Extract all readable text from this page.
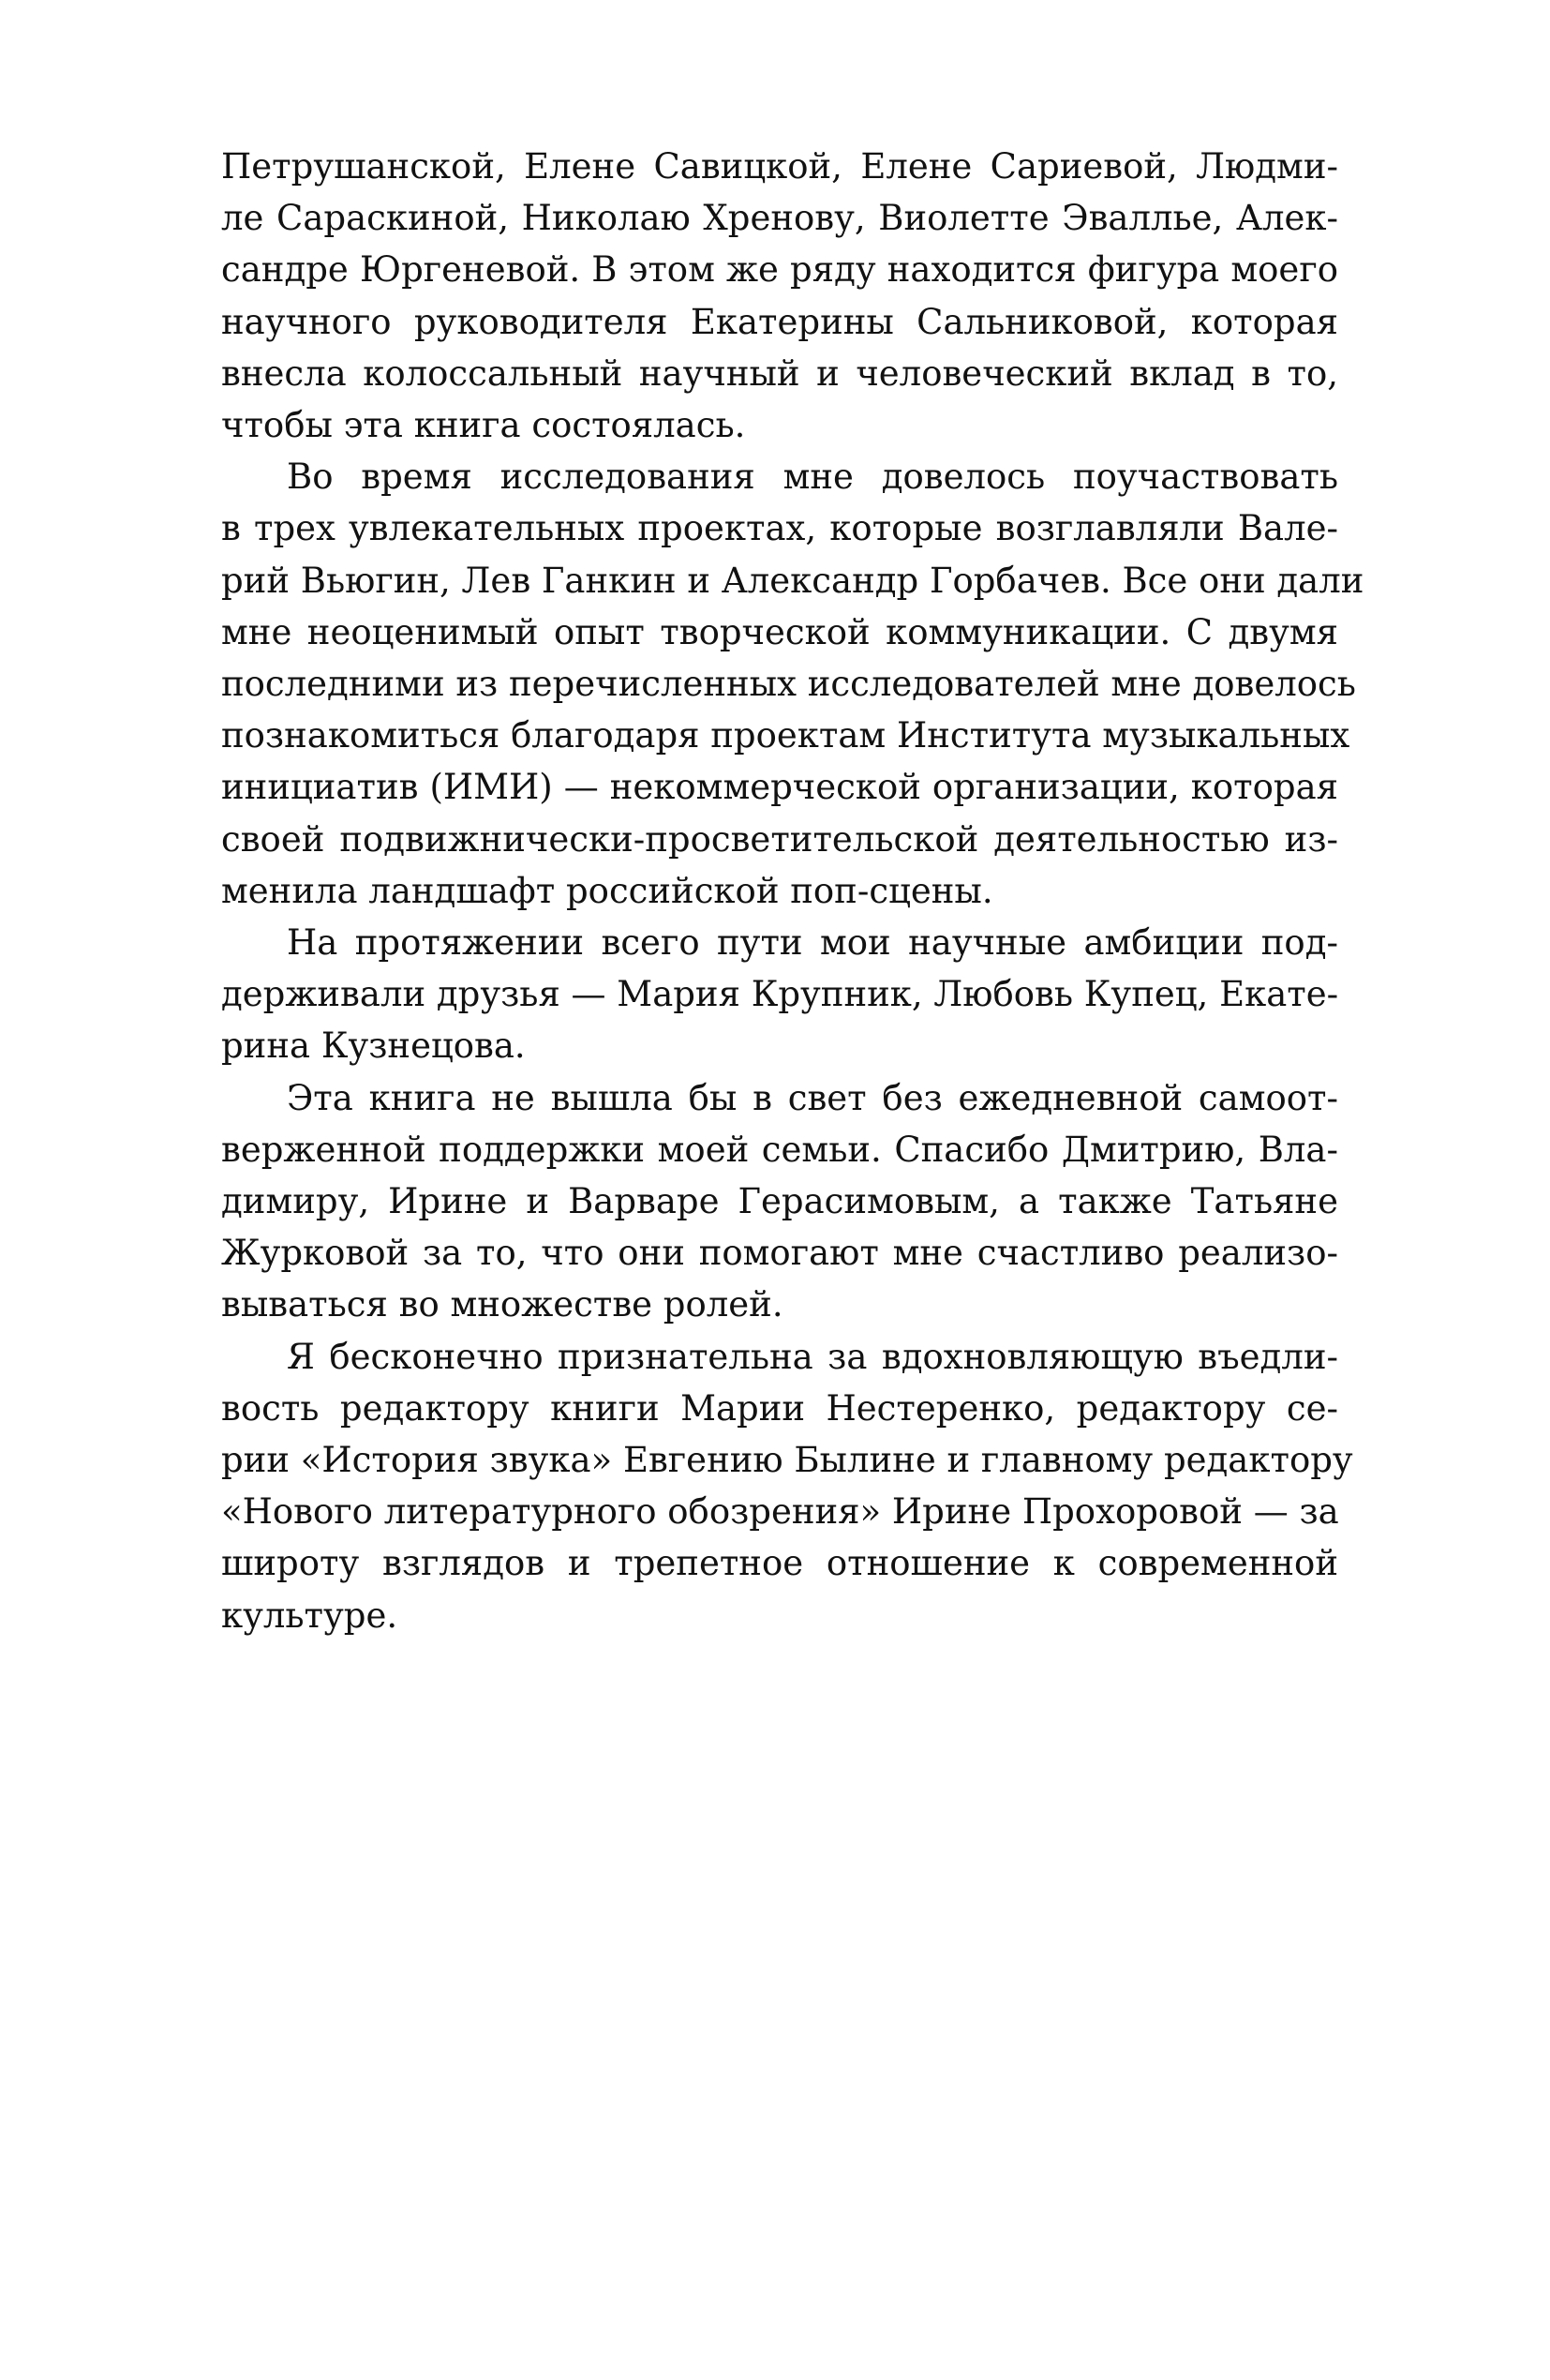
Петрушанской, Елене Савицкой, Елене Сариевой, Людми-
ле Сараскиной, Николаю Хренову, Виолетте Эвалльe, Алек-
сандре Юргеневой. В этом же ряду находится фигура моего
научного руководителя Екатерины Сальниковой, которая
внесла колоссальный научный и человеческий вклад в то,
чтобы эта книга состоялась.

Во время исследования мне довелось поучаствовать
в трех увлекательных проектах, которые возглавляли Вале-
рий Вьюгин, Лев Ганкин и Александр Горбачев. Все они дали
мне неоценимый опыт творческой коммуникации. С двумя
последними из перечисленных исследователей мне довелось
познакомиться благодаря проектам Института музыкальных
инициатив (ИМИ) — некоммерческой организации, которая
своей подвижнически-просветительской деятельностью из-
менила ландшафт российской поп-сцены.

На протяжении всего пути мои научные амбиции под-
держивали друзья — Мария Крупник, Любовь Купец, Екате-
рина Кузнецова.

Эта книга не вышла бы в свет без ежедневной самоот-
верженной поддержки моей семьи. Спасибо Дмитрию, Вла-
димиру, Ирине и Варваре Герасимовым, а также Татьяне
Журковой за то, что они помогают мне счастливо реализо-
вываться во множестве ролей.

Я бесконечно признательна за вдохновляющую въедли-
вость редактору книги Марии Нестеренко, редактору се-
рии «История звука» Евгению Былине и главному редактору
«Нового литературного обозрения» Ирине Прохоровой — за
широту взглядов и трепетное отношение к современной
культуре.
